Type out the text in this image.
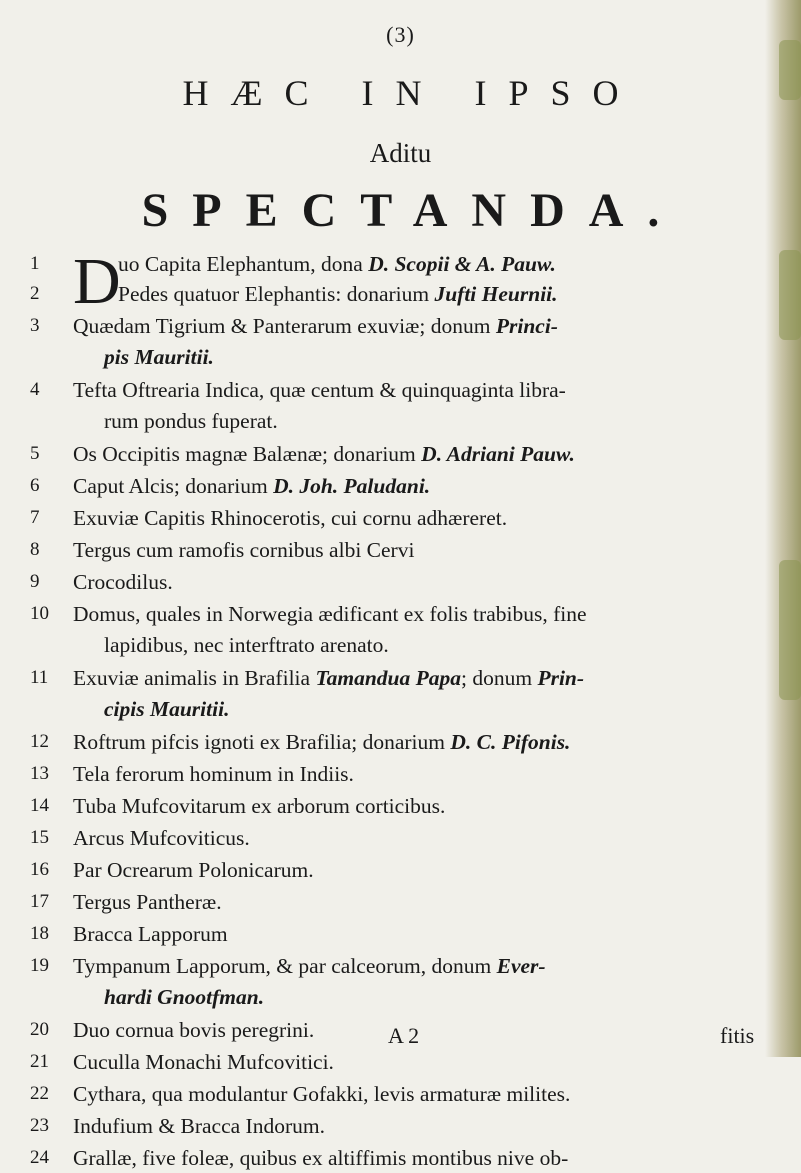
(3)
HÆC IN IPSO
Aditu
SPECTANDA.
1 D
uo Capita Elephantum, dona D. Scopii & A. Pauw.
2	Pedes quatuor Elephantis: donarium Jufti Heurnii.
3 Quædam Tigrium & Panterarum exuviæ; donum Princi-
pis Mauritii.
4 Tefta Oftrearia Indica, quæ centum & quinquaginta libra-
rum pondus fuperat.
5 Os Occipitis magnæ Balænæ; donarium D. Adriani Pauw.
6 Caput Alcis; donarium D. Joh. Paludani.
7 Exuviæ Capitis Rhinocerotis, cui cornu adhæreret.
8 Tergus cum ramofis cornibus albi Cervi
9 Crocodilus.
10 Domus, quales in Norwegia ædificant ex folis trabibus, fine
lapidibus, nec interftrato arenato.
11 Exuviæ animalis in Brafilia Tamandua Papa; donum Prin-
cipis Mauritii.
12 Roftrum pifcis ignoti ex Brafilia; donarium D. C. Pifonis.
13 Tela ferorum hominum in Indiis.
14 Tuba Mufcovitarum ex arborum corticibus.
15 Arcus Mufcoviticus.
16 Par Ocrearum Polonicarum.
17 Tergus Pantheræ.
18 Bracca Lapporum
19 Tympanum Lapporum, & par calceorum, donum Ever-
hardi Gnootfman.
20 Duo cornua bovis peregrini.
21 Cuculla Monachi Mufcovitici.
22 Cythara, qua modulantur Gofakki, levis armaturæ milites.
23 Indufium & Bracca Indorum.
24 Grallæ, five foleæ, quibus ex altiffimis montibus nive ob-
A 2	fitis
